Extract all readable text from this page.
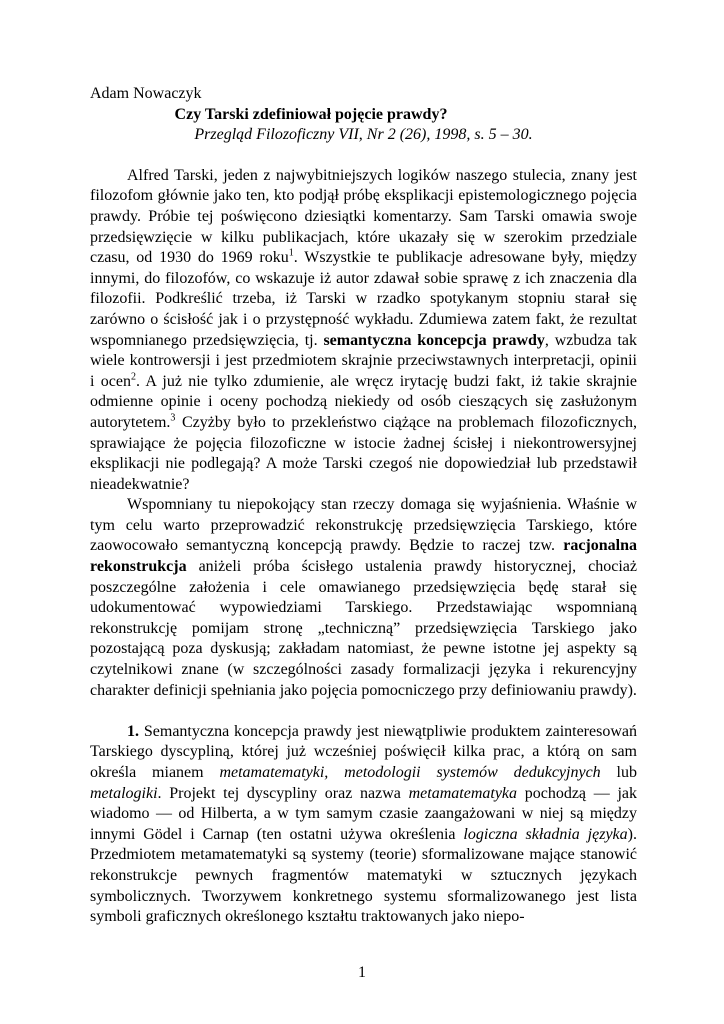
Adam Nowaczyk
Czy Tarski zdefiniował pojęcie prawdy?
Przegląd Filozoficzny VII, Nr 2 (26), 1998, s. 5 – 30.

Alfred Tarski, jeden z najwybitniejszych logików naszego stulecia, znany jest filozofom głównie jako ten, kto podjął próbę eksplikacji epistemologicznego pojęcia prawdy. Próbie tej poświęcono dziesiątki komentarzy. Sam Tarski omawia swoje przedsięwzięcie w kilku publikacjach, które ukazały się w szerokim przedziale czasu, od 1930 do 1969 roku$^1$. Wszystkie te publikacje adresowane były, między innymi, do filozofów, co wskazuje iż autor zdawał sobie sprawę z ich znaczenia dla filozofii. Podkreślić trzeba, iż Tarski w rzadko spotykanym stopniu starał się zarówno o ścisłość jak i o przystępność wykładu. Zdumiewa zatem fakt, że rezultat wspomnianego przedsięwzięcia, tj. semantyczna koncepcja prawdy, wzbudza tak wiele kontrowersji i jest przedmiotem skrajnie przeciwstawnych interpretacji, opinii i ocen$^2$. A już nie tylko zdumienie, ale wręcz irytację budzi fakt, iż takie skrajnie odmienne opinie i oceny pochodzą niekiedy od osób cieszących się zasłużonym autorytetem.$^3$ Czyżby było to przekleństwo ciążące na problemach filozoficznych, sprawiające że pojęcia filozoficzne w istocie żadnej ścisłej i niekontrowersyjnej eksplikacji nie podlegają? A może Tarski czegoś nie dopowiedział lub przedstawił nieadekwatnie?

Wspomniany tu niepokojący stan rzeczy domaga się wyjaśnienia. Właśnie w tym celu warto przeprowadzić rekonstrukcję przedsięwzięcia Tarskiego, które zaowocowało semantyczną koncepcją prawdy. Będzie to raczej tzw. racjonalna rekonstrukcja aniżeli próba ścisłego ustalenia prawdy historycznej, chociaż poszczególne założenia i cele omawianego przedsięwzięcia będę starał się udokumentować wypowiedziami Tarskiego. Przedstawiając wspomnianą rekonstrukcję pomijam stronę „techniczną” przedsięwzięcia Tarskiego jako pozostającą poza dyskusją; zakładam natomiast, że pewne istotne jej aspekty są czytelnikowi znane (w szczególności zasady formalizacji języka i rekurencyjny charakter definicji spełniania jako pojęcia pomocniczego przy definiowaniu prawdy).

1. Semantyczna koncepcja prawdy jest niewątpliwie produktem zainteresowań Tarskiego dyscypliną, której już wcześniej poświęcił kilka prac, a którą on sam określa mianem metamatematyki, metodologii systemów dedukcyjnych lub metalogiki. Projekt tej dyscypliny oraz nazwa metamatematyka pochodzą — jak wiadomo — od Hilberta, a w tym samym czasie zaangażowani w niej są między innymi Gödel i Carnap (ten ostatni używa określenia logiczna składnia języka). Przedmiotem metamatematyki są systemy (teorie) sformalizowane mające stanowić rekonstrukcje pewnych fragmentów matematyki w sztucznych językach symbolicznych. Tworzywem konkretnego systemu sformalizowanego jest lista symboli graficznych określonego kształtu traktowanych jako niepo-

1
